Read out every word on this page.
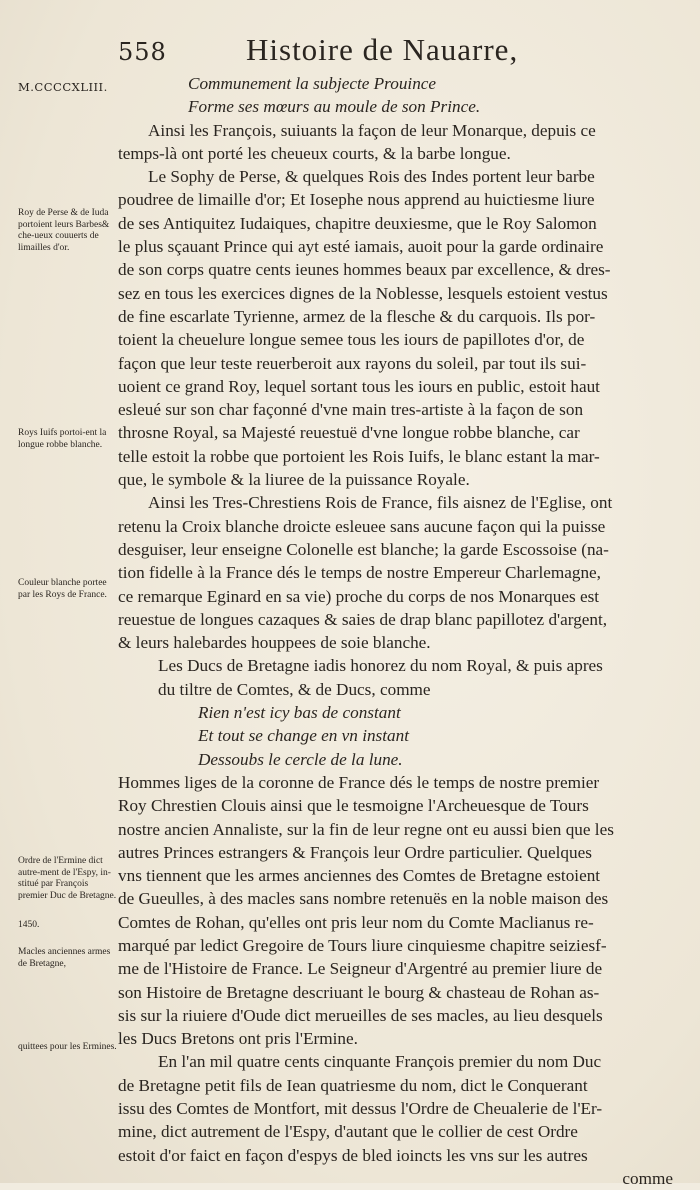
558	Histoire de Nauarre,
M.CCCCXLIII.
Roy de Perse & de Iuda portoient leurs Barbes& che-ueux couuerts de limailles d'or.
Roys Iuifs portoi-ent la longue robbe blanche.
Couleur blanche portee par les Roys de France.
Ordre de l'Ermine dict autre-ment de l'Espy, in-stitué par François premier Duc de Bretagne.
1450.
Macles anciennes armes de Bretagne,
quittees pour les Ermines.
Communement la subjecte Prouince
Forme ses mœurs au moule de son Prince.
Ainsi les François, suiuants la façon de leur Monarque, depuis ce
temps-là ont porté les cheueux courts, & la barbe longue.
Le Sophy de Perse, & quelques Rois des Indes portent leur barbe
poudree de limaille d'or; Et Iosephe nous apprend au huictiesme liure
de ses Antiquitez Iudaiques, chapitre deuxiesme, que le Roy Salomon
le plus sçauant Prince qui ayt esté iamais, auoit pour la garde ordinaire
de son corps quatre cents ieunes hommes beaux par excellence, & dres-
sez en tous les exercices dignes de la Noblesse, lesquels estoient vestus
de fine escarlate Tyrienne, armez de la flesche & du carquois. Ils por-
toient la cheuelure longue semee tous les iours de papillotes d'or, de
façon que leur teste reuerberoit aux rayons du soleil, par tout ils sui-
uoient ce grand Roy, lequel sortant tous les iours en public, estoit haut
esleué sur son char façonné d'vne main tres-artiste à la façon de son
throsne Royal, sa Majesté reuestuë d'vne longue robbe blanche, car
telle estoit la robbe que portoient les Rois Iuifs, le blanc estant la mar-
que, le symbole & la liuree de la puissance Royale.
Ainsi les Tres-Chrestiens Rois de France, fils aisnez de l'Eglise, ont
retenu la Croix blanche droicte esleuee sans aucune façon qui la puisse
desguiser, leur enseigne Colonelle est blanche; la garde Escossoise (na-
tion fidelle à la France dés le temps de nostre Empereur Charlemagne,
ce remarque Eginard en sa vie) proche du corps de nos Monarques est
reuestue de longues cazaques & saies de drap blanc papillotez d'argent,
& leurs halebardes houppees de soie blanche.
Les Ducs de Bretagne iadis honorez du nom Royal, & puis apres
du tiltre de Comtes, & de Ducs, comme
Rien n'est icy bas de constant
Et tout se change en vn instant
Dessoubs le cercle de la lune.
Hommes liges de la coronne de France dés le temps de nostre premier
Roy Chrestien Clouis ainsi que le tesmoigne l'Archeuesque de Tours
nostre ancien Annaliste, sur la fin de leur regne ont eu aussi bien que les
autres Princes estrangers & François leur Ordre particulier. Quelques
vns tiennent que les armes anciennes des Comtes de Bretagne estoient
de Gueulles, à des macles sans nombre retenuës en la noble maison des
Comtes de Rohan, qu'elles ont pris leur nom du Comte Maclianus re-
marqué par ledict Gregoire de Tours liure cinquiesme chapitre seiziesf-
me de l'Histoire de France. Le Seigneur d'Argentré au premier liure de
son Histoire de Bretagne descriuant le bourg & chasteau de Rohan as-
sis sur la riuiere d'Oude dict merueilles de ses macles, au lieu desquels
les Ducs Bretons ont pris l'Ermine.
En l'an mil quatre cents cinquante François premier du nom Duc
de Bretagne petit fils de Iean quatriesme du nom, dict le Conquerant
issu des Comtes de Montfort, mit dessus l'Ordre de Cheualerie de l'Er-
mine, dict autrement de l'Espy, d'autant que le collier de cest Ordre
estoit d'or faict en façon d'espys de bled ioincts les vns sur les autres
comme
